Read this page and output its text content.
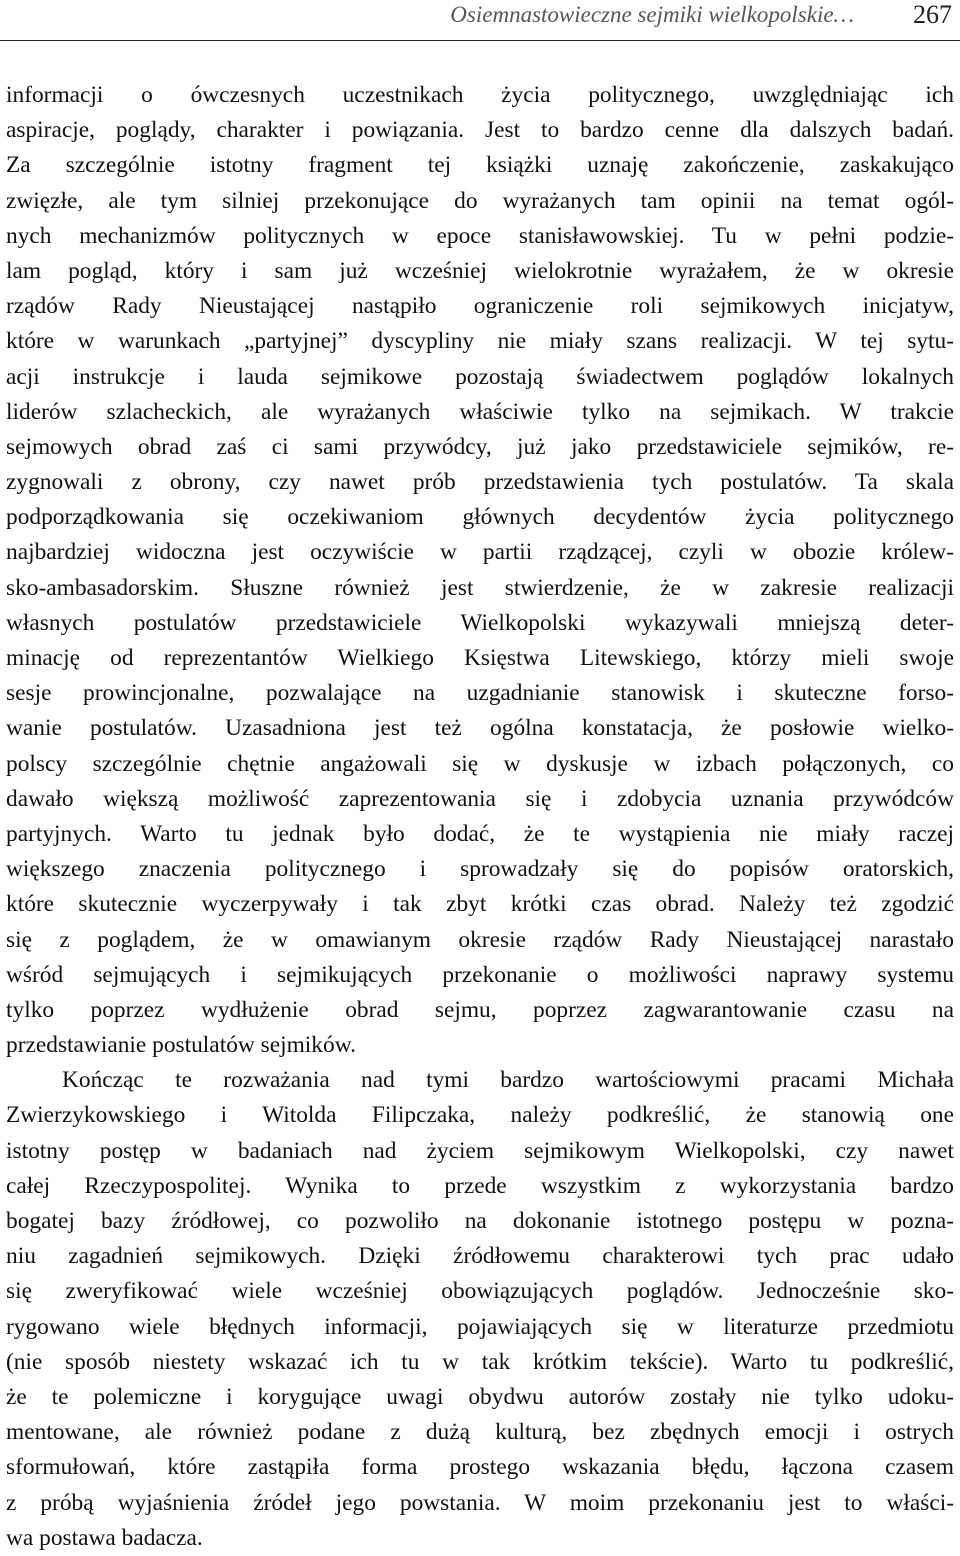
Osiemnastowieczne sejmiki wielkopolskie… 267
informacji o ówczesnych uczestnikach życia politycznego, uwzględniając ich
aspiracje, poglądy, charakter i powiązania. Jest to bardzo cenne dla dalszych badań.
Za szczególnie istotny fragment tej książki uznaję zakończenie, zaskakująco
zwięzłe, ale tym silniej przekonujące do wyrażanych tam opinii na temat ogól-
nych mechanizmów politycznych w epoce stanisławowskiej. Tu w pełni podzie-
lam pogląd, który i sam już wcześniej wielokrotnie wyrażałem, że w okresie
rządów Rady Nieustającej nastąpiło ograniczenie roli sejmikowych inicjatyw,
które w warunkach „partyjnej” dyscypliny nie miały szans realizacji. W tej sytu-
acji instrukcje i lauda sejmikowe pozostają świadectwem poglądów lokalnych
liderów szlacheckich, ale wyrażanych właściwie tylko na sejmikach. W trakcie
sejmowych obrad zaś ci sami przywódcy, już jako przedstawiciele sejmików, re-
zygnowali z obrony, czy nawet prób przedstawienia tych postulatów. Ta skala
podporządkowania się oczekiwaniom głównych decydentów życia politycznego
najbardziej widoczna jest oczywiście w partii rządzącej, czyli w obozie królew-
sko-ambasadorskim. Słuszne również jest stwierdzenie, że w zakresie realizacji
własnych postulatów przedstawiciele Wielkopolski wykazywali mniejszą deter-
minację od reprezentantów Wielkiego Księstwa Litewskiego, którzy mieli swoje
sesje prowincjonalne, pozwalające na uzgadnianie stanowisk i skuteczne forso-
wanie postulatów. Uzasadniona jest też ogólna konstatacja, że posłowie wielko-
polscy szczególnie chętnie angażowali się w dyskusje w izbach połączonych, co
dawało większą możliwość zaprezentowania się i zdobycia uznania przywódców
partyjnych. Warto tu jednak było dodać, że te wystąpienia nie miały raczej
większego znaczenia politycznego i sprowadzały się do popisów oratorskich,
które skutecznie wyczerpywały i tak zbyt krótki czas obrad. Należy też zgodzić
się z poglądem, że w omawianym okresie rządów Rady Nieustającej narastało
wśród sejmujących i sejmikujących przekonanie o możliwości naprawy systemu
tylko poprzez wydłużenie obrad sejmu, poprzez zagwarantowanie czasu na
przedstawianie postulatów sejmików.
Kończąc te rozważania nad tymi bardzo wartościowymi pracami Michała
Zwierzykowskiego i Witolda Filipczaka, należy podkreślić, że stanowią one
istotny postęp w badaniach nad życiem sejmikowym Wielkopolski, czy nawet
całej Rzeczypospolitej. Wynika to przede wszystkim z wykorzystania bardzo
bogatej bazy źródłowej, co pozwoliło na dokonanie istotnego postępu w pozna-
niu zagadnień sejmikowych. Dzięki źródłowemu charakterowi tych prac udało
się zweryfikować wiele wcześniej obowiązujących poglądów. Jednocześnie sko-
rygowano wiele błędnych informacji, pojawiających się w literaturze przedmiotu
(nie sposób niestety wskazać ich tu w tak krótkim tekście). Warto tu podkreślić,
że te polemiczne i korygujące uwagi obydwu autorów zostały nie tylko udoku-
mentowane, ale również podane z dużą kulturą, bez zbędnych emocji i ostrych
sformułowań, które zastąpiła forma prostego wskazania błędu, łączona czasem
z próbą wyjaśnienia źródeł jego powstania. W moim przekonaniu jest to właści-
wa postawa badacza.
